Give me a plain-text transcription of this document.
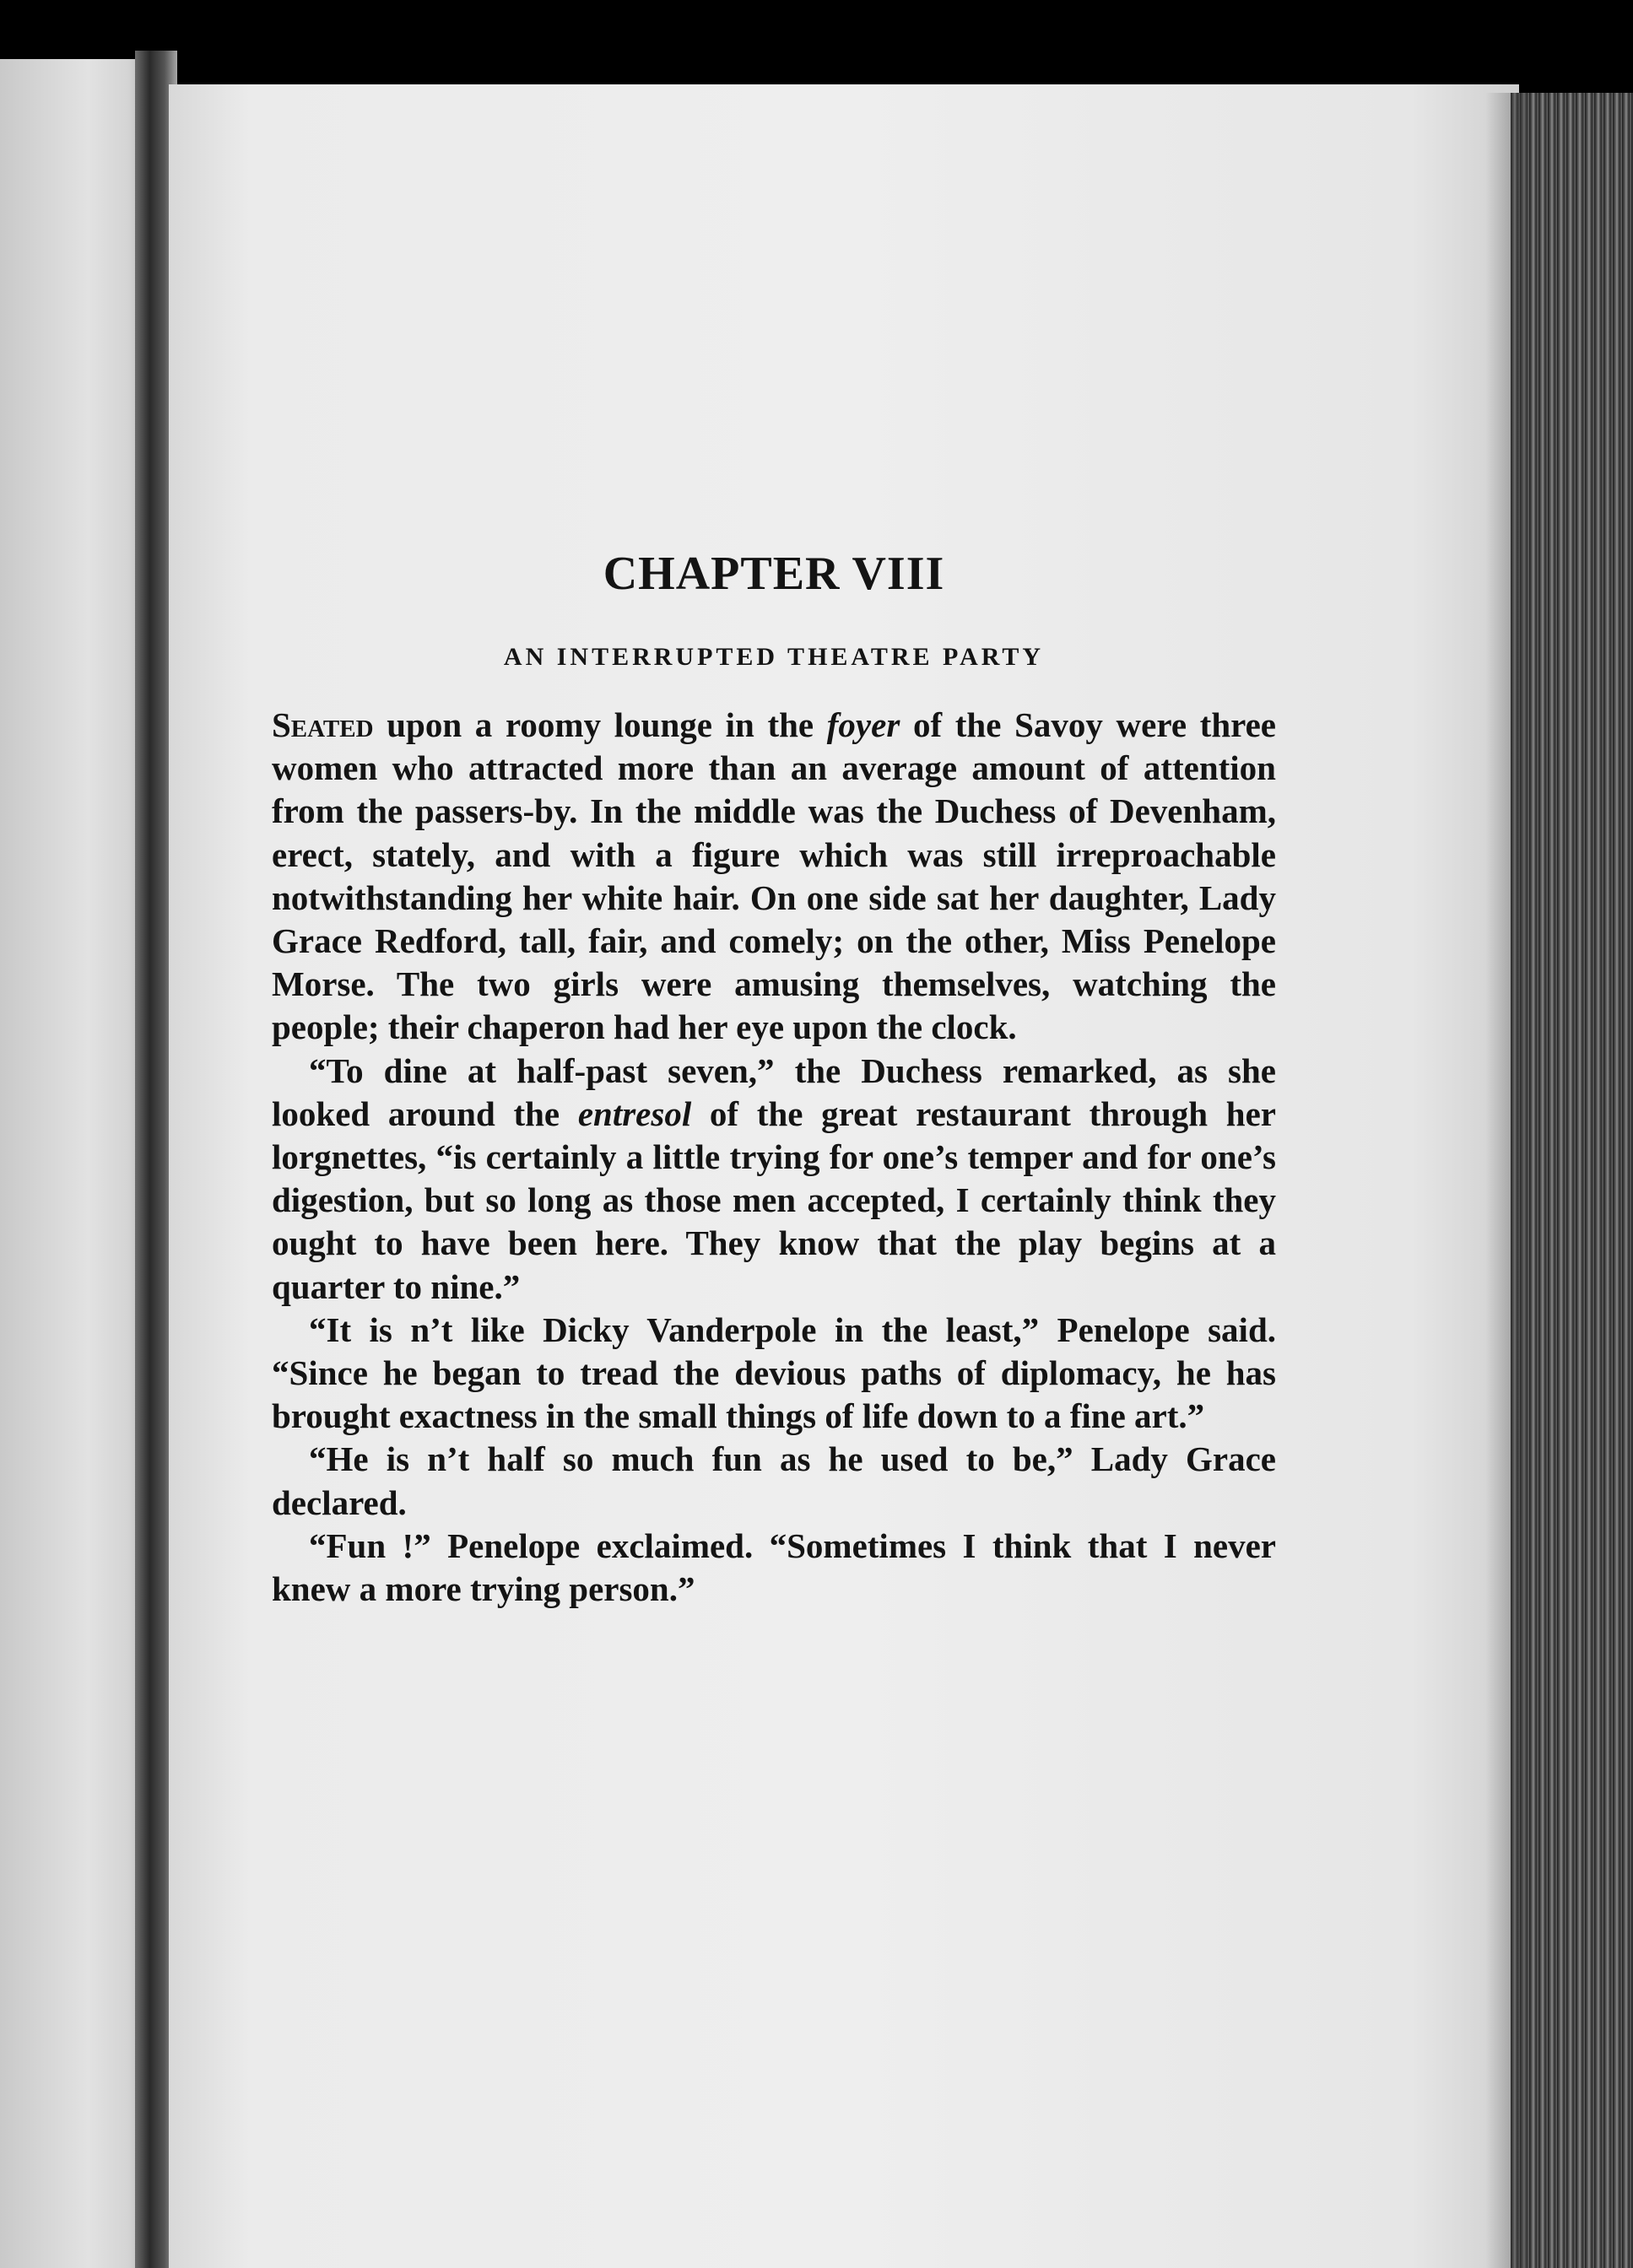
CHAPTER VIII
AN INTERRUPTED THEATRE PARTY

Seated upon a roomy lounge in the foyer of the Savoy were three women who attracted more than an average amount of attention from the passers-by. In the middle was the Duchess of Devenham, erect, stately, and with a figure which was still irreproachable notwithstanding her white hair. On one side sat her daughter, Lady Grace Redford, tall, fair, and comely; on the other, Miss Penelope Morse. The two girls were amusing themselves, watching the people; their chaperon had her eye upon the clock.

“To dine at half-past seven,” the Duchess remarked, as she looked around the entresol of the great restaurant through her lorgnettes, “is certainly a little trying for one’s temper and for one’s digestion, but so long as those men accepted, I certainly think they ought to have been here. They know that the play begins at a quarter to nine.”

“It is n’t like Dicky Vanderpole in the least,” Penelope said. “Since he began to tread the devious paths of diplomacy, he has brought exactness in the small things of life down to a fine art.”

“He is n’t half so much fun as he used to be,” Lady Grace declared.

“Fun !” Penelope exclaimed. “Sometimes I think that I never knew a more trying person.”
